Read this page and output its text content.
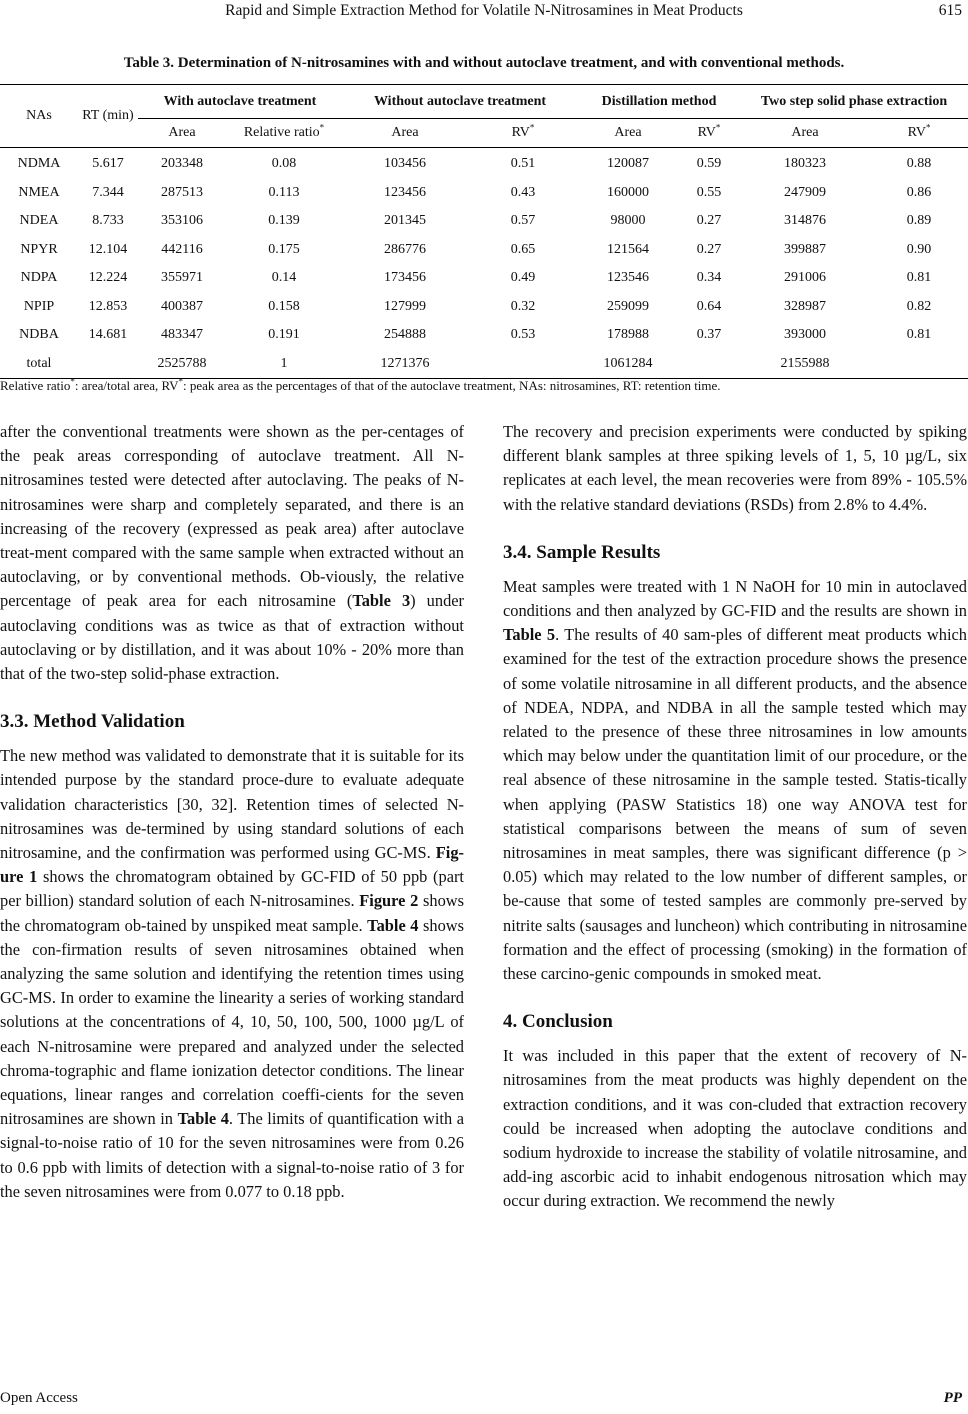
Rapid and Simple Extraction Method for Volatile N-Nitrosamines in Meat Products	615
Table 3. Determination of N-nitrosamines with and without autoclave treatment, and with conventional methods.
NAs	RT (min)	With autoclave treatment		Without autoclave treatment		Distillation method		Two step solid phase extraction	
		Area	Relative ratio*	Area	RV*	Area	RV*	Area	RV*
NDMA	5.617	203348	0.08	103456	0.51	120087	0.59	180323	0.88
NMEA	7.344	287513	0.113	123456	0.43	160000	0.55	247909	0.86
NDEA	8.733	353106	0.139	201345	0.57	98000	0.27	314876	0.89
NPYR	12.104	442116	0.175	286776	0.65	121564	0.27	399887	0.90
NDPA	12.224	355971	0.14	173456	0.49	123546	0.34	291006	0.81
NPIP	12.853	400387	0.158	127999	0.32	259099	0.64	328987	0.82
NDBA	14.681	483347	0.191	254888	0.53	178988	0.37	393000	0.81
total		2525788	1	1271376		1061284		2155988	
Relative ratio*: area/total area, RV*: peak area as the percentages of that of the autoclave treatment, NAs: nitrosamines, RT: retention time.

after the conventional treatments were shown as the per-centages of the peak areas corresponding of autoclave treatment. All N-nitrosamines tested were detected after autoclaving. The peaks of N-nitrosamines were sharp and completely separated, and there is an increasing of the recovery (expressed as peak area) after autoclave treat-ment compared with the same sample when extracted without an autoclaving, or by conventional methods. Ob-viously, the relative percentage of peak area for each nitrosamine (Table 3) under autoclaving conditions was as twice as that of extraction without autoclaving or by distillation, and it was about 10% - 20% more than that of the two-step solid-phase extraction.

3.3. Method Validation

The new method was validated to demonstrate that it is suitable for its intended purpose by the standard proce-dure to evaluate adequate validation characteristics [30, 32]. Retention times of selected N-nitrosamines was de-termined by using standard solutions of each nitrosamine, and the confirmation was performed using GC-MS. Fig-ure 1 shows the chromatogram obtained by GC-FID of 50 ppb (part per billion) standard solution of each N-nitrosamines. Figure 2 shows the chromatogram ob-tained by unspiked meat sample. Table 4 shows the con-firmation results of seven nitrosamines obtained when analyzing the same solution and identifying the retention times using GC-MS. In order to examine the linearity a series of working standard solutions at the concentrations of 4, 10, 50, 100, 500, 1000 µg/L of each N-nitrosamine were prepared and analyzed under the selected chroma-tographic and flame ionization detector conditions. The linear equations, linear ranges and correlation coeffi-cients for the seven nitrosamines are shown in Table 4. The limits of quantification with a signal-to-noise ratio of 10 for the seven nitrosamines were from 0.26 to 0.6 ppb with limits of detection with a signal-to-noise ratio of 3 for the seven nitrosamines were from 0.077 to 0.18 ppb.

The recovery and precision experiments were conducted by spiking different blank samples at three spiking levels of 1, 5, 10 µg/L, six replicates at each level, the mean recoveries were from 89% - 105.5% with the relative standard deviations (RSDs) from 2.8% to 4.4%.

3.4. Sample Results

Meat samples were treated with 1 N NaOH for 10 min in autoclaved conditions and then analyzed by GC-FID and the results are shown in Table 5. The results of 40 sam-ples of different meat products which examined for the test of the extraction procedure shows the presence of some volatile nitrosamine in all different products, and the absence of NDEA, NDPA, and NDBA in all the sample tested which may related to the presence of these three nitrosamines in low amounts which may below under the quantitation limit of our procedure, or the real absence of these nitrosamine in the sample tested. Statis-tically when applying (PASW Statistics 18) one way ANOVA test for statistical comparisons between the means of sum of seven nitrosamines in meat samples, there was significant difference (p > 0.05) which may related to the low number of different samples, or be-cause that some of tested samples are commonly pre-served by nitrite salts (sausages and luncheon) which contributing in nitrosamine formation and the effect of processing (smoking) in the formation of these carcino-genic compounds in smoked meat.

4. Conclusion

It was included in this paper that the extent of recovery of N-nitrosamines from the meat products was highly dependent on the extraction conditions, and it was con-cluded that extraction recovery could be increased when adopting the autoclave conditions and sodium hydroxide to increase the stability of volatile nitrosamine, and add-ing ascorbic acid to inhabit endogenous nitrosation which may occur during extraction. We recommend the newly

Open Access	PP
